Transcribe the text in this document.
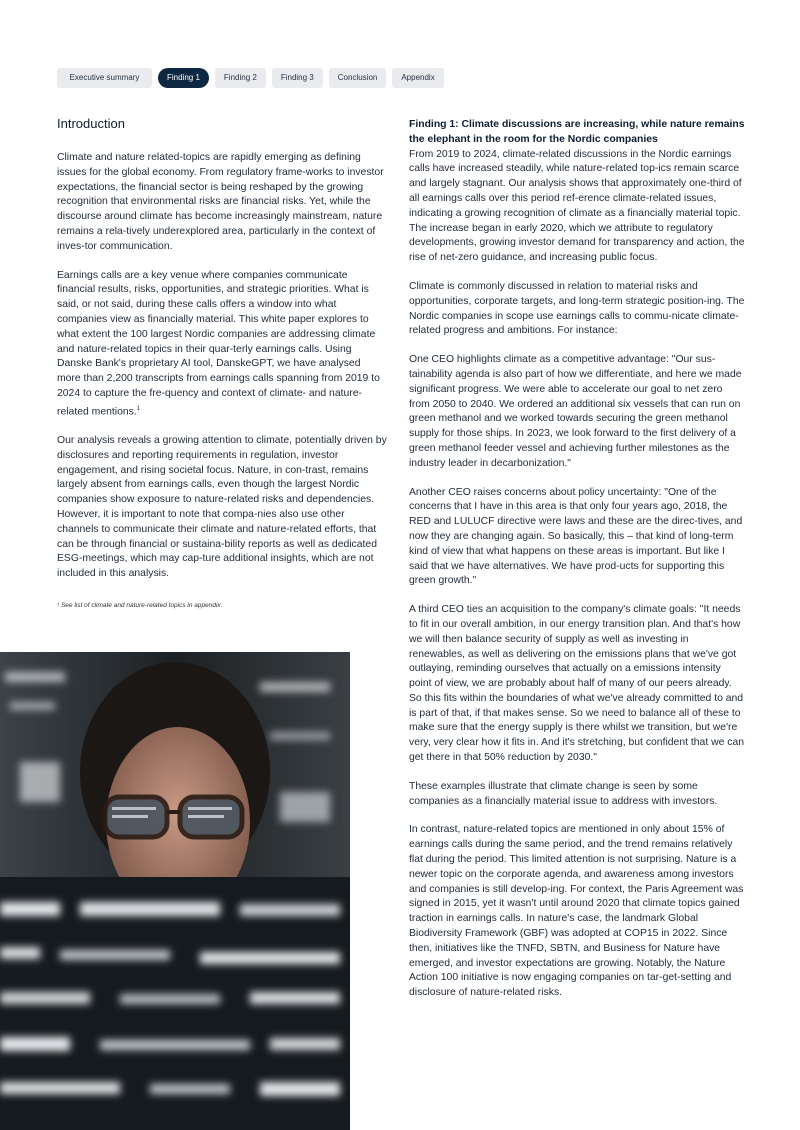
Executive summary	Finding 1	Finding 2	Finding 3	Conclusion	Appendix
Introduction

Climate and nature related-topics are rapidly emerging as defining issues for the global economy. From regulatory frame-works to investor expectations, the financial sector is being reshaped by the growing recognition that environmental risks are financial risks. Yet, while the discourse around climate has become increasingly mainstream, nature remains a rela-tively underexplored area, particularly in the context of inves-tor communication.

Earnings calls are a key venue where companies communicate financial results, risks, opportunities, and strategic priorities. What is said, or not said, during these calls offers a window into what companies view as financially material. This white paper explores to what extent the 100 largest Nordic companies are addressing climate and nature-related topics in their quar-terly earnings calls. Using Danske Bank's proprietary AI tool, DanskeGPT, we have analysed more than 2,200 transcripts from earnings calls spanning from 2019 to 2024 to capture the fre-quency and context of climate- and nature-related mentions.$^1$

Our analysis reveals a growing attention to climate, potentially driven by disclosures and reporting requirements in regulation, investor engagement, and rising societal focus. Nature, in con-trast, remains largely absent from earnings calls, even though the largest Nordic companies show exposure to nature-related risks and dependencies. However, it is important to note that compa-nies also use other channels to communicate their climate and nature-related efforts, that can be through financial or sustaina-bility reports as well as dedicated ESG-meetings, which may cap-ture additional insights, which are not included in this analysis.

¹ See list of climate and nature-related topics in appendix.
Finding 1: Climate discussions are increasing, while nature remains the elephant in the room for the Nordic companies

From 2019 to 2024, climate-related discussions in the Nordic earnings calls have increased steadily, while nature-related top-ics remain scarce and largely stagnant. Our analysis shows that approximately one-third of all earnings calls over this period ref-erence climate-related issues, indicating a growing recognition of climate as a financially material topic. The increase began in early 2020, which we attribute to regulatory developments, growing investor demand for transparency and action, the rise of net-zero guidance, and increasing public focus.

Climate is commonly discussed in relation to material risks and opportunities, corporate targets, and long-term strategic position-ing. The Nordic companies in scope use earnings calls to commu-nicate climate-related progress and ambitions. For instance:

One CEO highlights climate as a competitive advantage: "Our sus-tainability agenda is also part of how we differentiate, and here we made significant progress. We were able to accelerate our goal to net zero from 2050 to 2040. We ordered an additional six vessels that can run on green methanol and we worked towards securing the green methanol supply for those ships. In 2023, we look forward to the first delivery of a green methanol feeder vessel and achieving further milestones as the industry leader in decarbonization."

Another CEO raises concerns about policy uncertainty: "One of the concerns that I have in this area is that only four years ago, 2018, the RED and LULUCF directive were laws and these are the direc-tives, and now they are changing again. So basically, this – that kind of long-term kind of view that what happens on these areas is important. But like I said that we have alternatives. We have prod-ucts for supporting this green growth."

A third CEO ties an acquisition to the company's climate goals: "It needs to fit in our overall ambition, in our energy transition plan. And that's how we will then balance security of supply as well as investing in renewables, as well as delivering on the emissions plans that we've got outlaying, reminding ourselves that actually on a emissions intensity point of view, we are probably about half of many of our peers already. So this fits within the boundaries of what we've already committed to and is part of that, if that makes sense. So we need to balance all of these to make sure that the energy supply is there whilst we transition, but we're very, very clear how it fits in. And it's stretching, but confident that we can get there in that 50% reduction by 2030."

These examples illustrate that climate change is seen by some companies as a financially material issue to address with investors.

In contrast, nature-related topics are mentioned in only about 15% of earnings calls during the same period, and the trend remains relatively flat during the period. This limited attention is not surprising. Nature is a newer topic on the corporate agenda, and awareness among investors and companies is still develop-ing. For context, the Paris Agreement was signed in 2015, yet it wasn't until around 2020 that climate topics gained traction in earnings calls. In nature's case, the landmark Global Biodiversity Framework (GBF) was adopted at COP15 in 2022. Since then, initiatives like the TNFD, SBTN, and Business for Nature have emerged, and investor expectations are growing. Notably, the Nature Action 100 initiative is now engaging companies on tar-get-setting and disclosure of nature-related risks.
